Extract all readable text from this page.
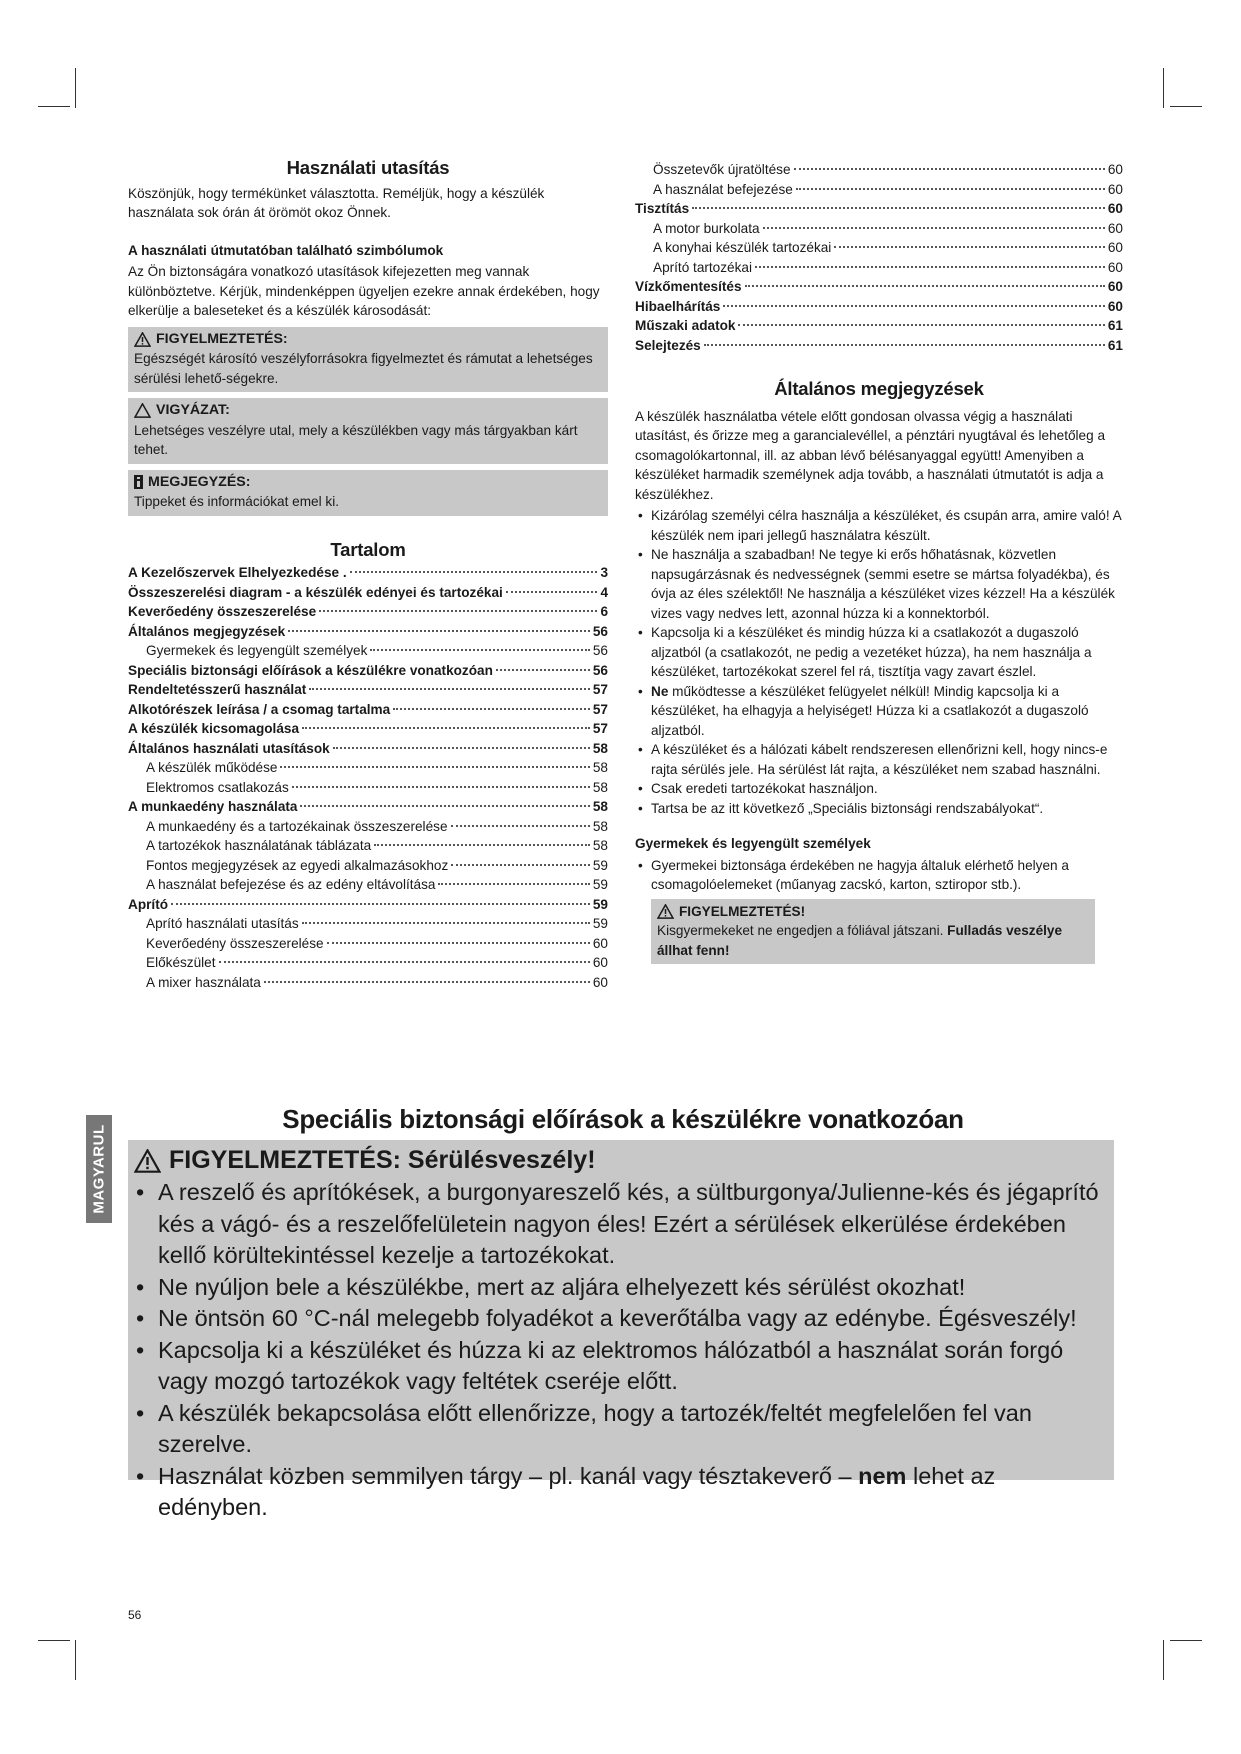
Használati utasítás

Köszönjük, hogy termékünket választotta. Reméljük, hogy a készülék használata sok órán át örömöt okoz Önnek.

A használati útmutatóban található szimbólumok

Az Ön biztonságára vonatkozó utasítások kifejezetten meg vannak különböztetve. Kérjük, mindenképpen ügyeljen ezekre annak érdekében, hogy elkerülje a baleseteket és a készülék károsodását:

FIGYELMEZTETÉS:

Egészségét károsító veszélyforrásokra figyelmeztet és rámutat a lehetséges sérülési lehető-ségekre.

VIGYÁZAT:

Lehetséges veszélyre utal, mely a készülékben vagy más tárgyakban kárt tehet.

MEGJEGYZÉS:

Tippeket és információkat emel ki.

Tartalom
A Kezelőszervek Elhelyezkedése .	3
Összeszerelési diagram - a készülék edényei és tartozékai	4
Keverőedény összeszerelése	6
Általános megjegyzések	56
Gyermekek és legyengült személyek	56
Speciális biztonsági előírások a készülékre vonatkozóan	56
Rendeltetésszerű használat	57
Alkotórészek leírása / a csomag tartalma	57
A készülék kicsomagolása	57
Általános használati utasítások	58
A készülék működése	58
Elektromos csatlakozás	58
A munkaedény használata	58
A munkaedény és a tartozékainak összeszerelése	58
A tartozékok használatának táblázata	58
Fontos megjegyzések az egyedi alkalmazásokhoz	59
A használat befejezése és az edény eltávolítása	59
Aprító	59
Aprító használati utasítás	59
Keverőedény összeszerelése	60
Előkészület	60
A mixer használata	60
Összetevők újratöltése	60
A használat befejezése	60
Tisztítás	60
A motor burkolata	60
A konyhai készülék tartozékai	60
Aprító tartozékai	60
Vízkőmentesítés	60
Hibaelhárítás	60
Műszaki adatok	61
Selejtezés	61
Általános megjegyzések

A készülék használatba vétele előtt gondosan olvassa végig a használati utasítást, és őrizze meg a garancialevéllel, a pénztári nyugtával és lehetőleg a csomagolókartonnal, ill. az abban lévő bélésanyaggal együtt! Amenyiben a készüléket harmadik személynek adja tovább, a használati útmutatót is adja a készülékhez.

• Kizárólag személyi célra használja a készüléket, és csupán arra, amire való! A készülék nem ipari jellegű használatra készült.
• Ne használja a szabadban! Ne tegye ki erős hőhatásnak, közvetlen napsugárzásnak és nedvességnek (semmi esetre se mártsa folyadékba), és óvja az éles szélektől! Ne használja a készüléket vizes kézzel! Ha a készülék vizes vagy nedves lett, azonnal húzza ki a konnektorból.
• Kapcsolja ki a készüléket és mindig húzza ki a csatlakozót a dugaszoló aljzatból (a csatlakozót, ne pedig a vezetéket húzza), ha nem használja a készüléket, tartozékokat szerel fel rá, tisztítja vagy zavart észlel.
• Ne működtesse a készüléket felügyelet nélkül! Mindig kapcsolja ki a készüléket, ha elhagyja a helyiséget! Húzza ki a csatlakozót a dugaszoló aljzatból.
• A készüléket és a hálózati kábelt rendszeresen ellenőrizni kell, hogy nincs-e rajta sérülés jele. Ha sérülést lát rajta, a készüléket nem szabad használni.
• Csak eredeti tartozékokat használjon.
• Tartsa be az itt következő „Speciális biztonsági rendszabályokat“.

Gyermekek és legyengült személyek

• Gyermekei biztonsága érdekében ne hagyja áltaIuk elérhető helyen a csomagolóelemeket (műanyag zacskó, karton, sztiropor stb.).
FIGYELMEZTETÉS!

Kisgyermekeket ne engedjen a fóliával játszani. Fulladás veszélye állhat fenn!

MAGYARUL
Speciális biztonsági előírások a készülékre vonatkozóan
FIGYELMEZTETÉS: Sérülésveszély!
• A reszelő és aprítókések, a burgonyareszelő kés, a sültburgonya/Julienne-kés és jégaprító kés a vágó- és a reszelőfelületein nagyon éles! Ezért a sérülések elkerülése érdekében kellő körültekintéssel kezelje a tartozékokat.
• Ne nyúljon bele a készülékbe, mert az aljára elhelyezett kés sérülést okozhat!
• Ne öntsön 60 °C-nál melegebb folyadékot a keverőtálba vagy az edénybe. Égésveszély!
• Kapcsolja ki a készüléket és húzza ki az elektromos hálózatból a használat során forgó vagy mozgó tartozékok vagy feltétek cseréje előtt.
• A készülék bekapcsolása előtt ellenőrizze, hogy a tartozék/feltét megfelelően fel van szerelve.
• Használat közben semmilyen tárgy – pl. kanál vagy tésztakeverő – nem lehet az edényben.
56
